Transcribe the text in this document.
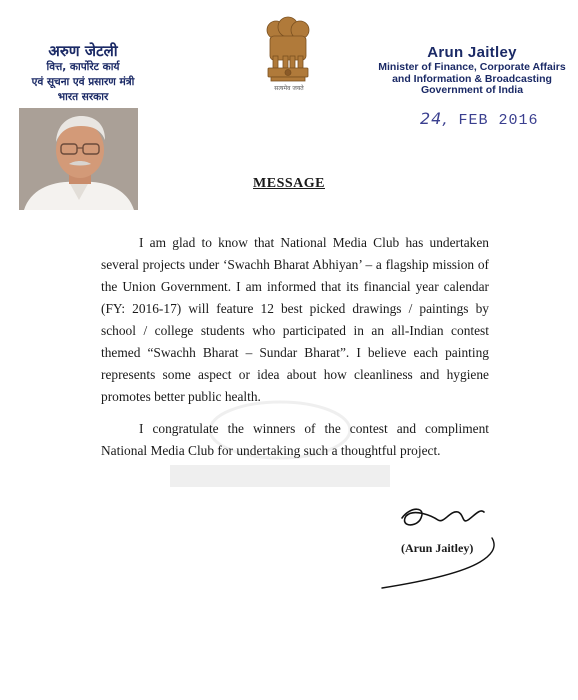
अरुण जेटली
वित्त, कार्पोरेट कार्य
एवं सूचना एवं प्रसारण मंत्री
भारत सरकार
सत्यमेव जयते
Arun Jaitley
Minister of Finance, Corporate Affairs
and Information & Broadcasting
Government of India
24, FEB 2016
MESSAGE

I am glad to know that National Media Club has undertaken several projects under ‘Swachh Bharat Abhiyan’ – a flagship mission of the Union Government. I am informed that its financial year calendar (FY: 2016-17) will feature 12 best picked drawings / paintings by school / college students who participated in an all-Indian contest themed “Swachh Bharat – Sundar Bharat”. I believe each painting represents some aspect or idea about how cleanliness and hygiene promotes better public health.

I congratulate the winners of the contest and compliment National Media Club for undertaking such a thoughtful project.

(Arun Jaitley)
